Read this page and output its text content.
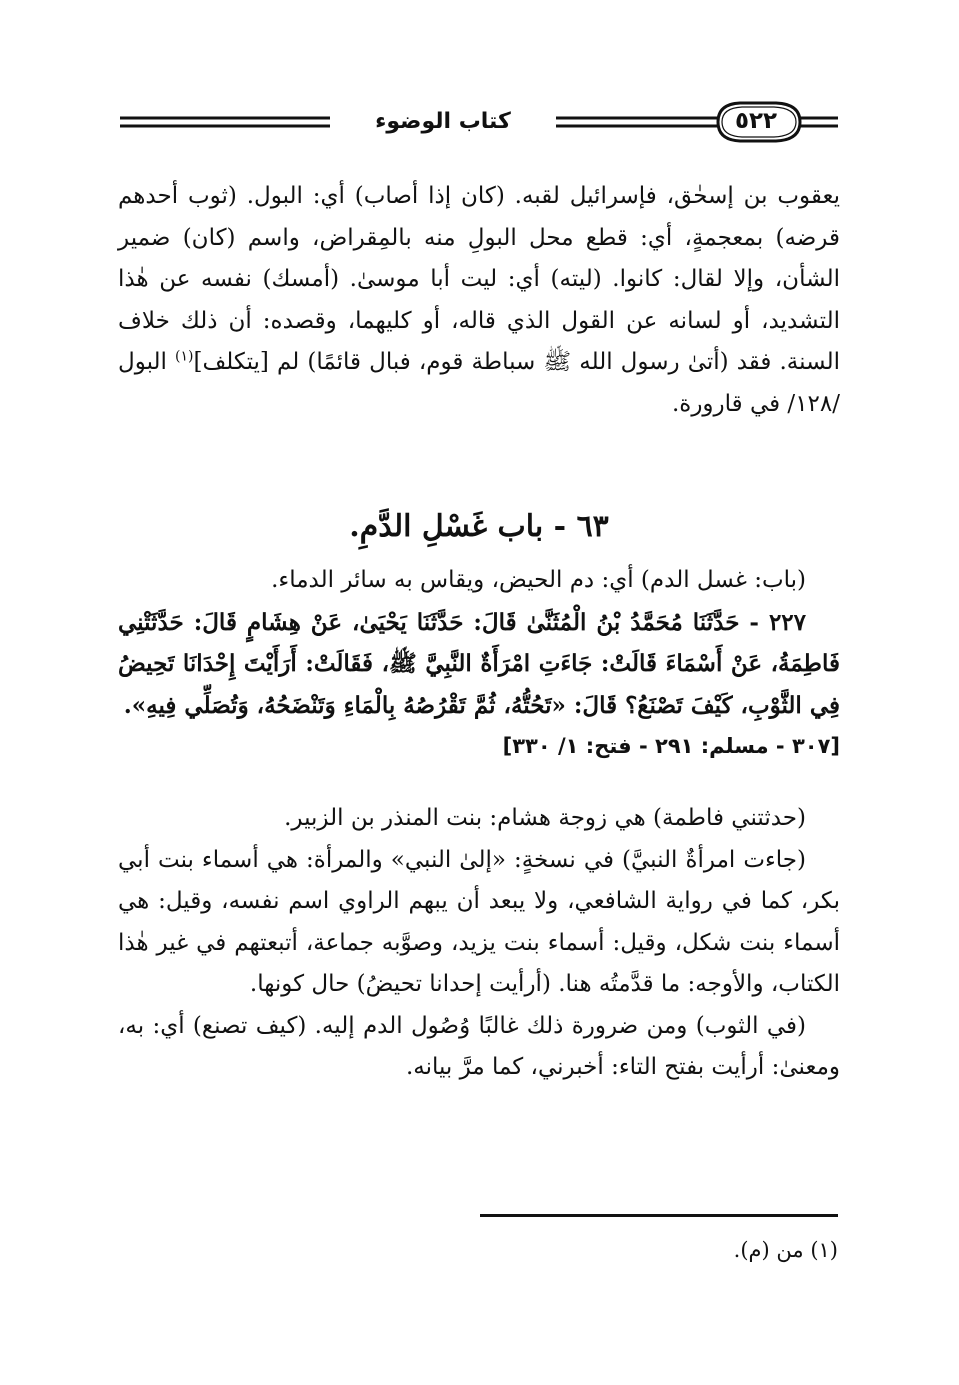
كتاب الوضوء	٥٢٢

يعقوب بن إسحٰق، فإسرائيل لقبه. (كان إذا أصاب) أي: البول. (ثوب أحدهم قرضه) بمعجمةٍ، أي: قطع محل البولِ منه بالمِقراض، واسم (كان) ضمير الشأن، وإلا لقال: كانوا. (ليته) أي: ليت أبا موسىٰ. (أمسك) نفسه عن هٰذا التشديد، أو لسانه عن القول الذي قاله، أو كليهما، وقصده: أن ذلك خلاف السنة. فقد (أتىٰ رسول الله ﷺ سباطة قوم، فبال قائمًا) لم [يتكلف]$^{(١)}$ البول /١٢٨/ في قارورة.

٦٣ - باب غَسْلِ الدَّمِ.

(باب: غسل الدم) أي: دم الحيض، ويقاس به سائر الدماء.

٢٢٧ - حَدَّثَنَا مُحَمَّدُ بْنُ الْمُثَنَّىٰ قَالَ: حَدَّثَنَا يَحْيَىٰ، عَنْ هِشَامٍ قَالَ: حَدَّثَتْنِي فَاطِمَةُ، عَنْ أَسْمَاءَ قَالَتْ: جَاءَتِ امْرَأَةٌ النَّبِيَّ ﷺ، فَقَالَتْ: أَرَأَيْتَ إِحْدَانَا تَحِيضُ فِي الثَّوْبِ، كَيْفَ تَصْنَعُ؟ قَالَ: «تَحُتُّهُ، ثُمَّ تَقْرُصُهُ بِالْمَاءِ وَتَنْضَحُهُ، وَتُصَلِّي فِيهِ».

[٣٠٧ - مسلم: ٢٩١ - فتح: ١/ ٣٣٠]

(حدثتني فاطمة) هي زوجة هشام: بنت المنذر بن الزبير.

(جاءت امرأةٌ النبيَّ) في نسخةٍ: «إلىٰ النبي» والمرأة: هي أسماء بنت أبي بكر، كما في رواية الشافعي، ولا يبعد أن يبهم الراوي اسم نفسه، وقيل: هي أسماء بنت شكل، وقيل: أسماء بنت يزيد، وصوَّبه جماعة، أتبعتهم في غير هٰذا الكتاب، والأوجه: ما قدَّمتُه هنا. (أرأيت إحدانا تحيضُ) حال كونها.

(في الثوب) ومن ضرورة ذلك غالبًا وُصُول الدم إليه. (كيف تصنع) أي: به، ومعنىٰ: أرأيت بفتح التاء: أخبرني، كما مرَّ بيانه.

(١) من (م).
